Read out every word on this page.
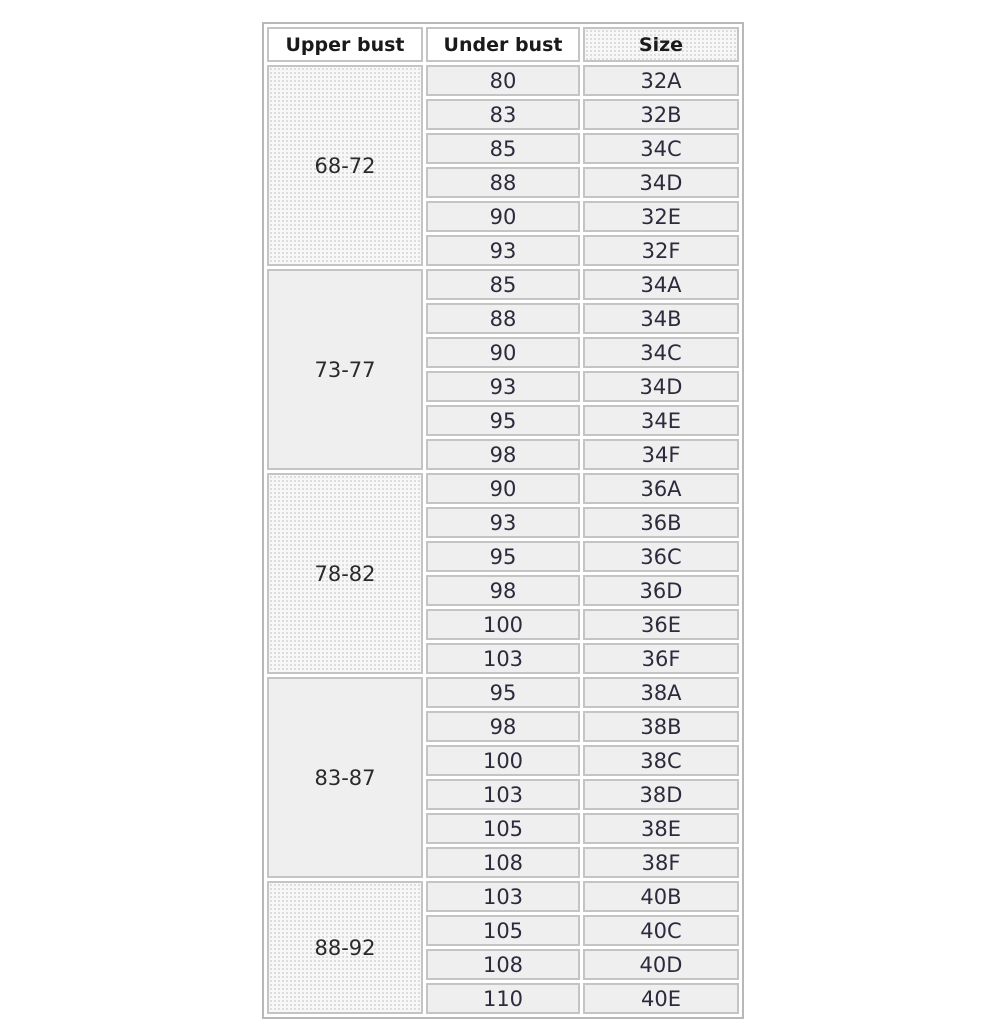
Upper bust	Under bust	Size
68-72	80	32A
	83	32B
	85	34C
	88	34D
	90	32E
	93	32F
73-77	85	34A
	88	34B
	90	34C
	93	34D
	95	34E
	98	34F
78-82	90	36A
	93	36B
	95	36C
	98	36D
	100	36E
	103	36F
83-87	95	38A
	98	38B
	100	38C
	103	38D
	105	38E
	108	38F
88-92	103	40B
	105	40C
	108	40D
	110	40E
